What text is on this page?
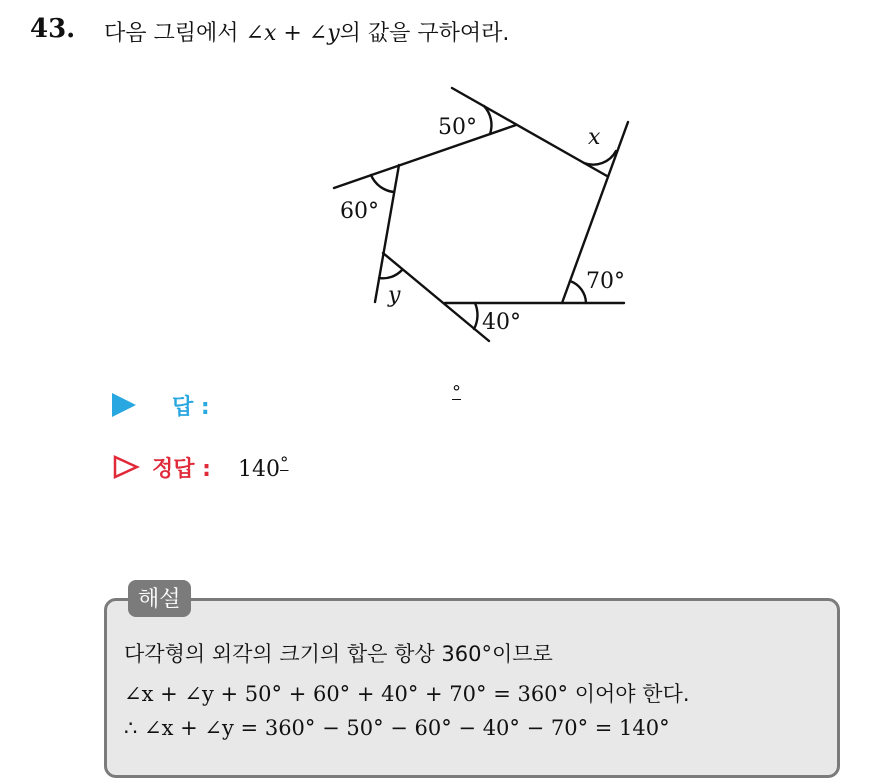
43. 다음 그림에서 ∠x + ∠y의 값을 구하여라.
50°
60°
x
70°
40°
y
답 :
°
정답 : 140°
해설
다각형의 외각의 크기의 합은 항상 360°이므로
∠x + ∠y + 50° + 60° + 40° + 70° = 360° 이어야 한다.
∴ ∠x + ∠y = 360° − 50° − 60° − 40° − 70° = 140°
